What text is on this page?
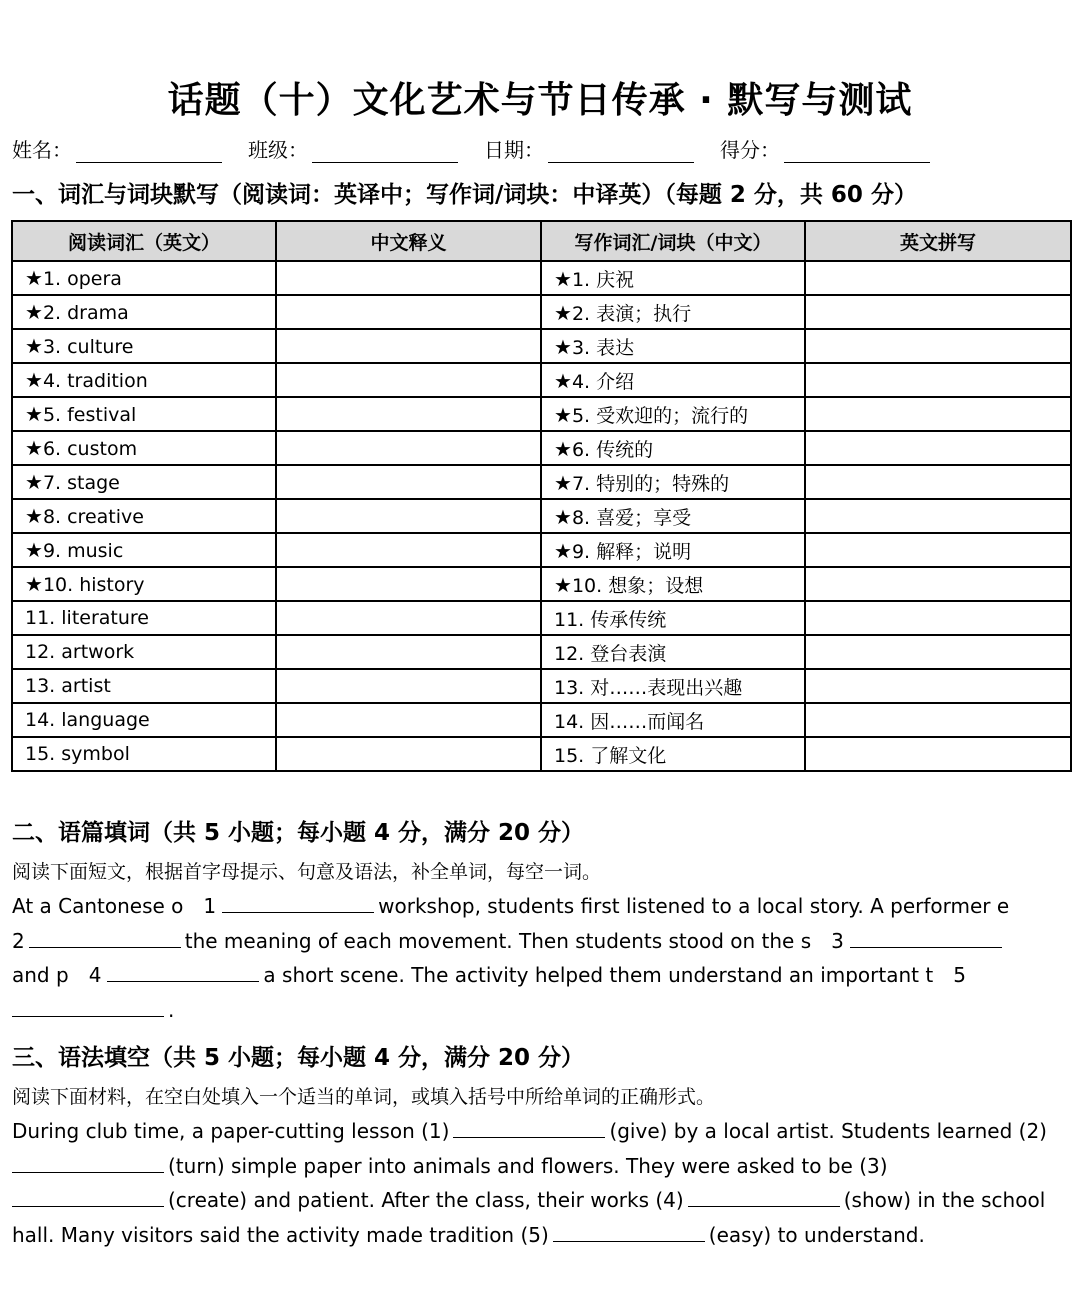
话题（十）文化艺术与节日传承 · 默写与测试
姓名：	班级：	日期：	得分：
一、词汇与词块默写（阅读词：英译中；写作词/词块：中译英）（每题 2 分，共 60 分）
阅读词汇（英文）	中文释义	写作词汇/词块（中文）	英文拼写
★1. opera		★1. 庆祝	
★2. drama		★2. 表演；执行	
★3. culture		★3. 表达	
★4. tradition		★4. 介绍	
★5. festival		★5. 受欢迎的；流行的	
★6. custom		★6. 传统的	
★7. stage		★7. 特别的；特殊的	
★8. creative		★8. 喜爱；享受	
★9. music		★9. 解释；说明	
★10. history		★10. 想象；设想	
11. literature		11. 传承传统	
12. artwork		12. 登台表演	
13. artist		13. 对……表现出兴趣	
14. language		14. 因……而闻名	
15. symbol		15. 了解文化	
二、语篇填词（共 5 小题；每小题 4 分，满分 20 分）
阅读下面短文，根据首字母提示、句意及语法，补全单词，每空一词。
At a Cantonese o 1	workshop, students first listened to a local story. A performer e
2	the meaning of each movement. Then students stood on the s 3
and p 4	a short scene. The activity helped them understand an important t 5
.
三、语法填空（共 5 小题；每小题 4 分，满分 20 分）
阅读下面材料，在空白处填入一个适当的单词，或填入括号中所给单词的正确形式。
During club time, a paper-cutting lesson (1)	(give) by a local artist. Students learned (2)
(turn) simple paper into animals and flowers. They were asked to be (3)
(create) and patient. After the class, their works (4)	(show) in the school hall. Many visitors said the activity made tradition (5)	(easy) to understand.
